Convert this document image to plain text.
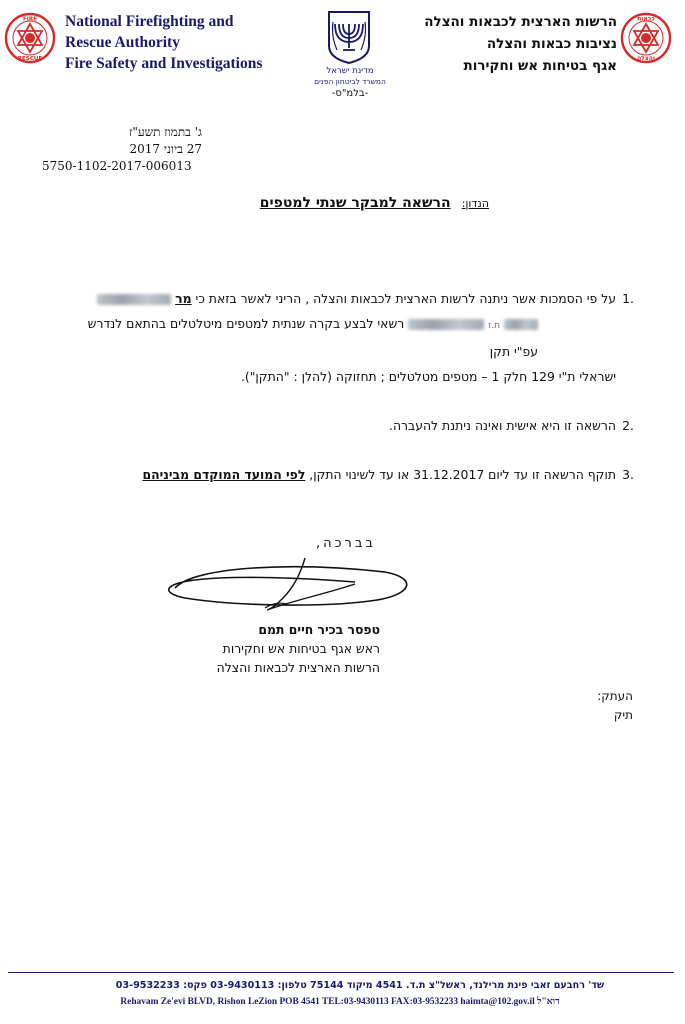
FIRE
RESCUE
National Firefighting and
Rescue Authority
Fire Safety and Investigations	מדינת ישראל
המשרד לביטחון הפנים
-בלמ"ס-
הרשות הארצית לכבאות והצלה
נציבות כבאות והצלה
אגף בטיחות אש וחקירות
כבאות
והצלה
ג' בתמוז תשע"ז
27 ביוני 2017
5750-1102-2017-006013
הנדון: הרשאה למבקר שנתי למטפים
.1
על פי הסמכות אשר ניתנה לרשות הארצית לכבאות והצלה , הריני לאשר בזאת כי מר
ת.ז  רשאי לבצע בקרה שנתית למטפים מיטלטלים בהתאם לנדרש עפ"י תקן
ישראלי ת"י 129 חלק 1 – מטפים מטלטלים ; תחזוקה (להלן : "התקן").
.2
הרשאה זו היא אישית ואינה ניתנת להעברה.
.3
תוקף הרשאה זו עד ליום 31.12.2017 או עד לשינוי התקן, לפי המועד המוקדם מביניהם
בברכה,
טפסר בכיר חיים תמם
ראש אגף בטיחות אש וחקירות
הרשות הארצית לכבאות והצלה
העתק:
תיק
שד' רחבעם זאבי פינת מרילנד, ראשל"צ ת.ד. 4541 מיקוד 75144 טלפון: 03-9430113 פקס: 03-9532233
Rehavam Ze'evi BLVD, Rishon LeZion POB 4541 TEL:03-9430113 FAX:03-9532233 haimta@102.gov.il דוא"ל
